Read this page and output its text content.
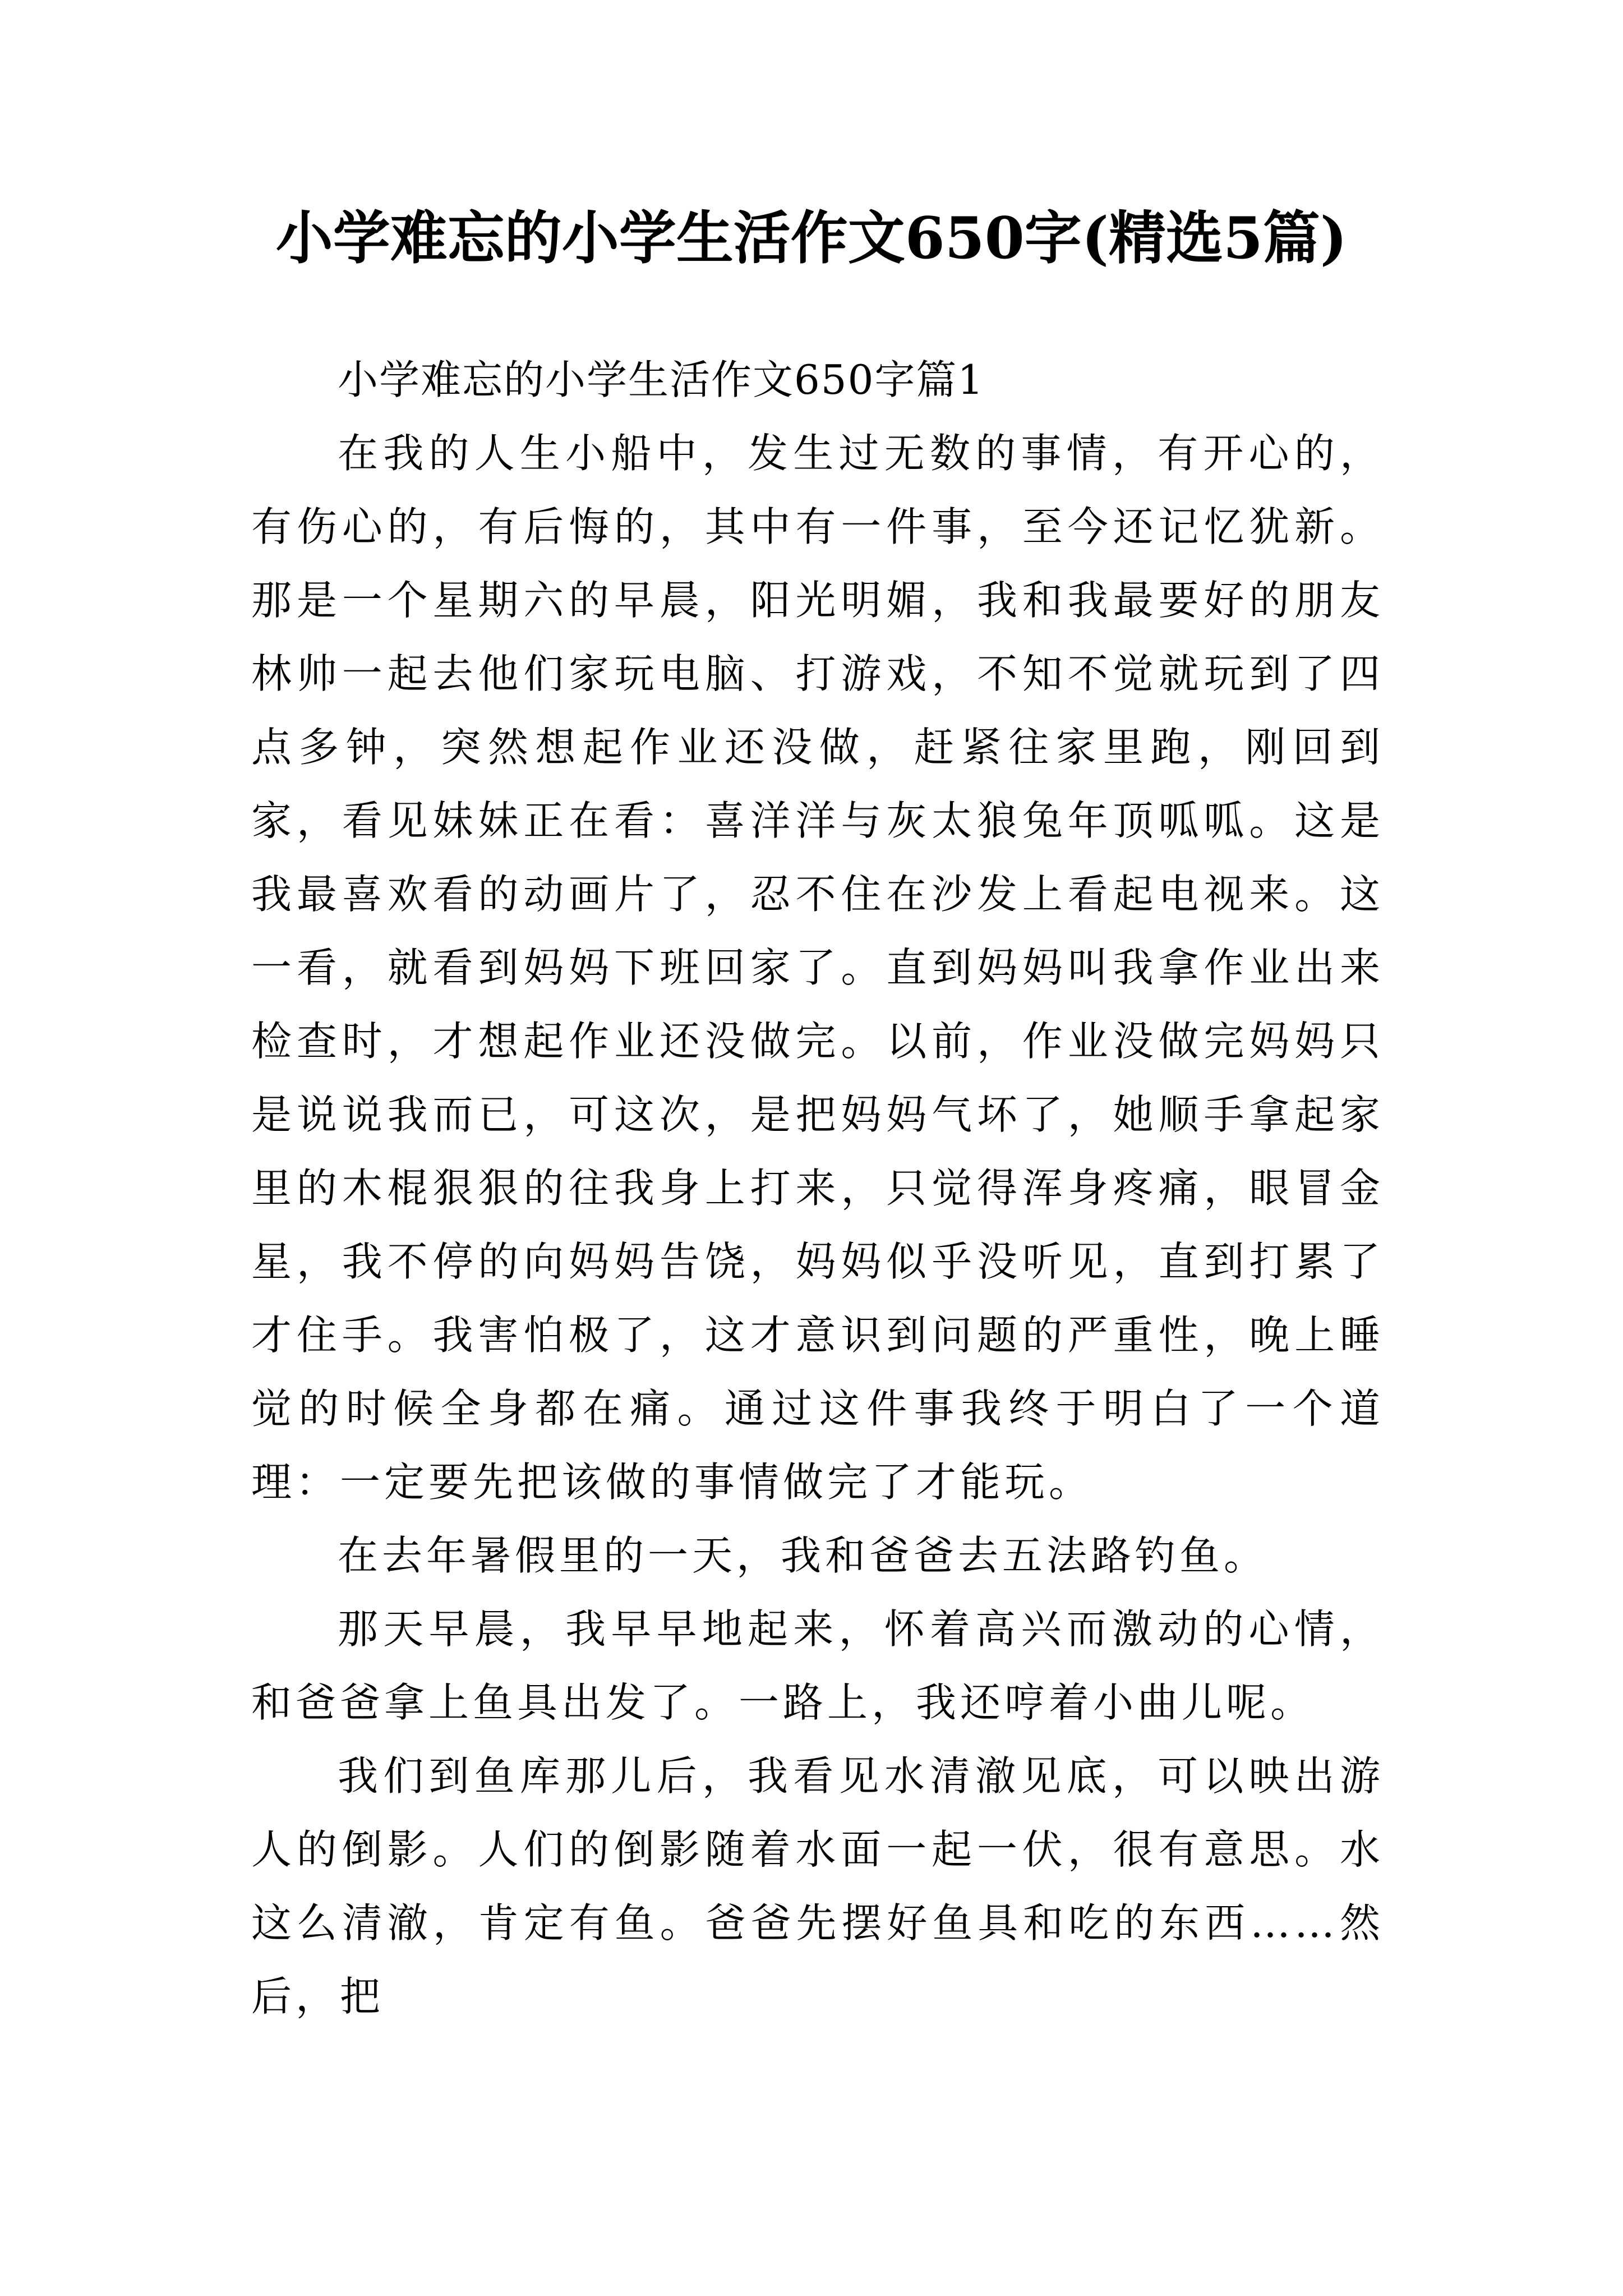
小学难忘的小学生活作文650字(精选5篇)

小学难忘的小学生活作文650字篇1

在我的人生小船中，发生过无数的事情，有开心的，有伤心的，有后悔的，其中有一件事，至今还记忆犹新。 那是一个星期六的早晨，阳光明媚，我和我最要好的朋友林帅一起去他们家玩电脑、打游戏，不知不觉就玩到了四点多钟，突然想起作业还没做，赶紧往家里跑，刚回到家，看见妹妹正在看：喜洋洋与灰太狼兔年顶呱呱。这是我最喜欢看的动画片了，忍不住在沙发上看起电视来。这一看，就看到妈妈下班回家了。直到妈妈叫我拿作业出来检查时，才想起作业还没做完。以前，作业没做完妈妈只是说说我而已，可这次，是把妈妈气坏了，她顺手拿起家里的木棍狠狠的往我身上打来，只觉得浑身疼痛，眼冒金星，我不停的向妈妈告饶，妈妈似乎没听见，直到打累了才住手。我害怕极了，这才意识到问题的严重性，晚上睡觉的时候全身都在痛。通过这件事我终于明白了一个道理：一定要先把该做的事情做完了才能玩。

在去年暑假里的一天，我和爸爸去五法路钓鱼。

那天早晨，我早早地起来，怀着高兴而激动的心情，和爸爸拿上鱼具出发了。一路上，我还哼着小曲儿呢。

我们到鱼库那儿后，我看见水清澈见底，可以映出游人的倒影。人们的倒影随着水面一起一伏，很有意思。水这么清澈，肯定有鱼。爸爸先摆好鱼具和吃的东西……然后，把
